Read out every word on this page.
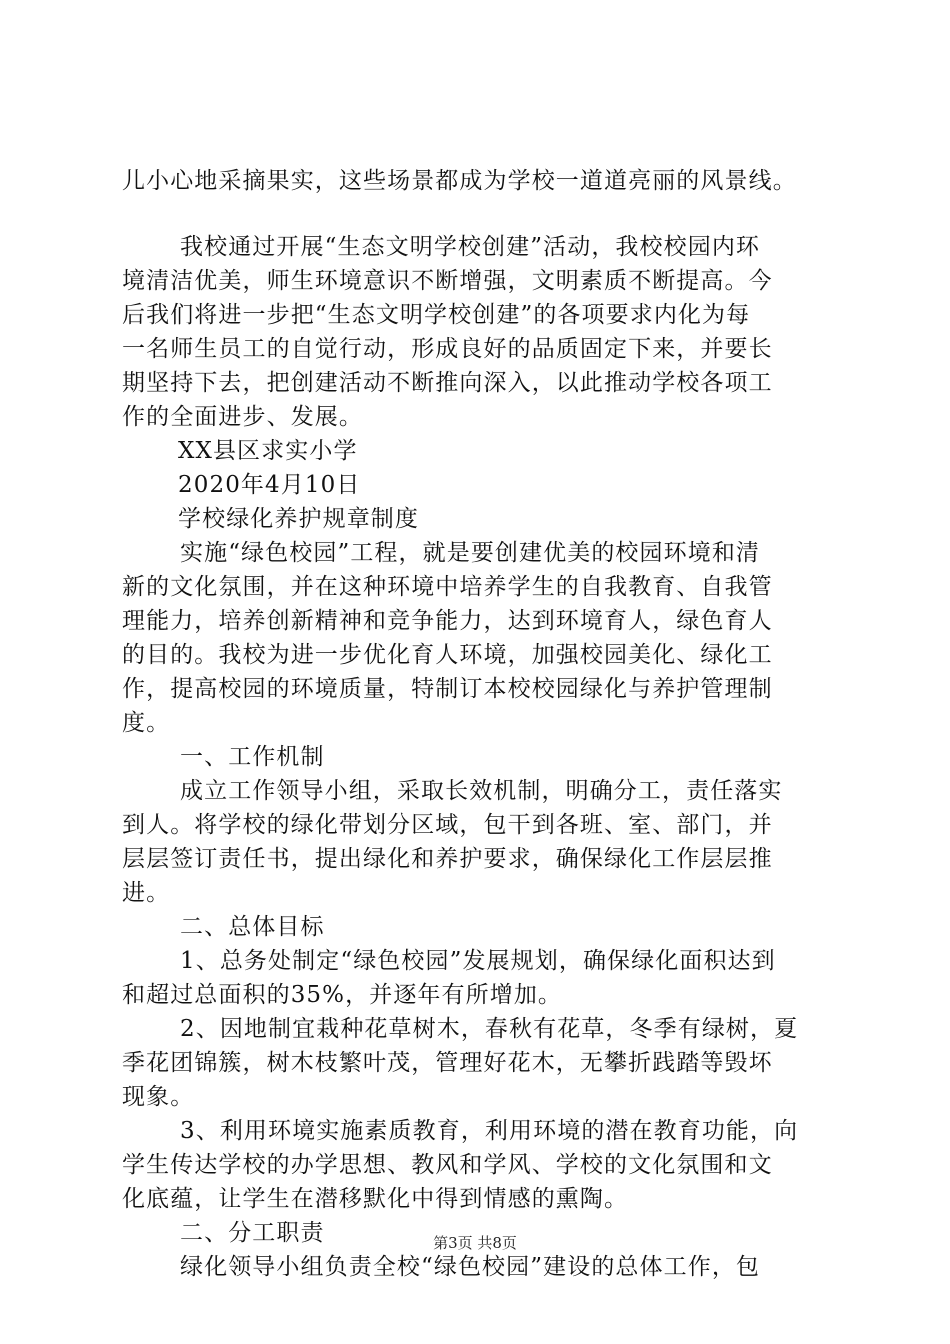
儿小心地采摘果实，这些场景都成为学校一道道亮丽的风景线。
我校通过开展“生态文明学校创建”活动，我校校园内环
境清洁优美，师生环境意识不断增强，文明素质不断提高。今
后我们将进一步把“生态文明学校创建”的各项要求内化为每
一名师生员工的自觉行动，形成良好的品质固定下来，并要长
期坚持下去，把创建活动不断推向深入，以此推动学校各项工
作的全面进步、发展。
XX县区求实小学
2020年4月10日
学校绿化养护规章制度
实施“绿色校园”工程，就是要创建优美的校园环境和清
新的文化氛围，并在这种环境中培养学生的自我教育、自我管
理能力，培养创新精神和竞争能力，达到环境育人，绿色育人
的目的。我校为进一步优化育人环境，加强校园美化、绿化工
作，提高校园的环境质量，特制订本校校园绿化与养护管理制
度。
一、工作机制
成立工作领导小组，采取长效机制，明确分工，责任落实
到人。将学校的绿化带划分区域，包干到各班、室、部门，并
层层签订责任书，提出绿化和养护要求，确保绿化工作层层推
进。
二、总体目标
1、总务处制定“绿色校园”发展规划，确保绿化面积达到
和超过总面积的35%，并逐年有所增加。
2、因地制宜栽种花草树木，春秋有花草，冬季有绿树，夏
季花团锦簇，树木枝繁叶茂，管理好花木，无攀折践踏等毁坏
现象。
3、利用环境实施素质教育，利用环境的潜在教育功能，向
学生传达学校的办学思想、教风和学风、学校的文化氛围和文
化底蕴，让学生在潜移默化中得到情感的熏陶。
二、分工职责
绿化领导小组负责全校“绿色校园”建设的总体工作，包
第3页 共8页
